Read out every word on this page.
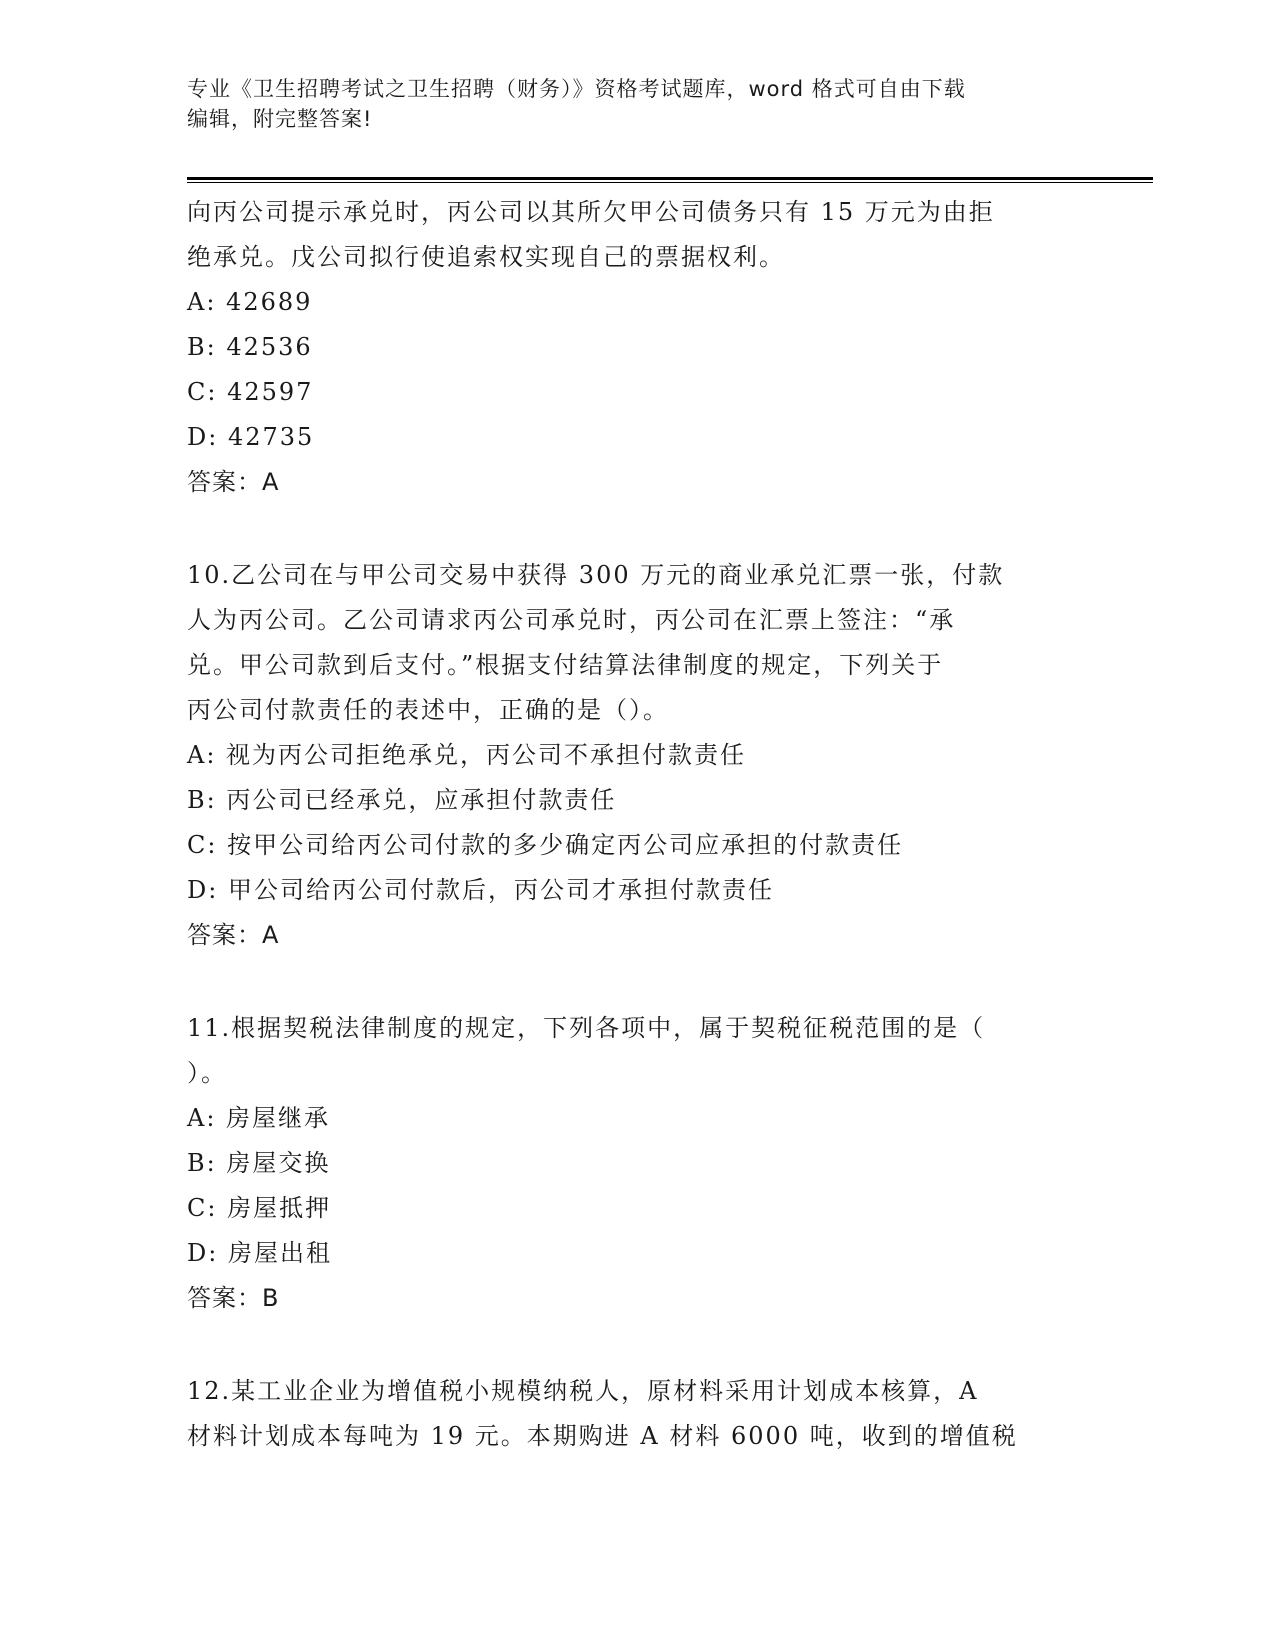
专业《卫生招聘考试之卫生招聘（财务）》资格考试题库，word 格式可自由下载
编辑，附完整答案!
向丙公司提示承兑时，丙公司以其所欠甲公司债务只有 15 万元为由拒
绝承兑。戊公司拟行使追索权实现自己的票据权利。
A: 42689
B: 42536
C: 42597
D: 42735
答案：A
10.乙公司在与甲公司交易中获得 300 万元的商业承兑汇票一张，付款
人为丙公司。乙公司请求丙公司承兑时，丙公司在汇票上签注：“承
兑。甲公司款到后支付。”根据支付结算法律制度的规定，下列关于
丙公司付款责任的表述中，正确的是（）。
A: 视为丙公司拒绝承兑，丙公司不承担付款责任
B: 丙公司已经承兑，应承担付款责任
C: 按甲公司给丙公司付款的多少确定丙公司应承担的付款责任
D: 甲公司给丙公司付款后，丙公司才承担付款责任
答案：A
11.根据契税法律制度的规定，下列各项中，属于契税征税范围的是（
）。
A: 房屋继承
B: 房屋交换
C: 房屋抵押
D: 房屋出租
答案：B
12.某工业企业为增值税小规模纳税人，原材料采用计划成本核算，A
材料计划成本每吨为 19 元。本期购进 A 材料 6000 吨，收到的增值税
